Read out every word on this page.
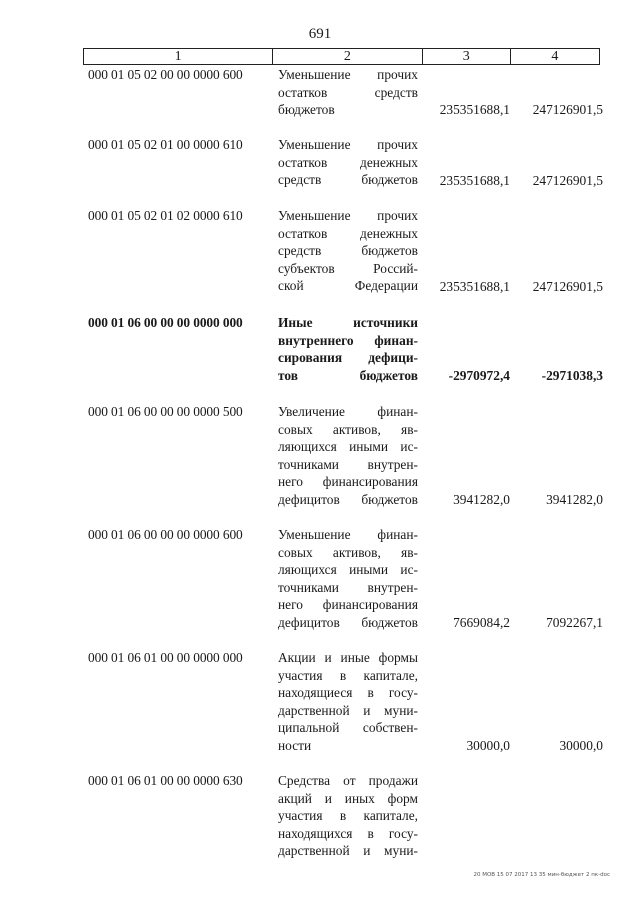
691
1	2	3	4
000 01 05 02 00 00 0000 600	Уменьшение прочих
остатков средств
бюджетов	235351688,1	247126901,5
000 01 05 02 01 00 0000 610	Уменьшение прочих
остатков денежных
средств бюджетов	235351688,1	247126901,5
000 01 05 02 01 02 0000 610	Уменьшение прочих
остатков денежных
средств бюджетов
субъектов Россий-
ской Федерации	235351688,1	247126901,5
000 01 06 00 00 00 0000 000	Иные источники
внутреннего финан-
сирования дефици-
тов бюджетов	-2970972,4	-2971038,3
000 01 06 00 00 00 0000 500	Увеличение финан-
совых активов, яв-
ляющихся иными ис-
точниками внутрен-
него финансирования
дефицитов бюджетов	3941282,0	3941282,0
000 01 06 00 00 00 0000 600	Уменьшение финан-
совых активов, яв-
ляющихся иными ис-
точниками внутрен-
него финансирования
дефицитов бюджетов	7669084,2	7092267,1
000 01 06 01 00 00 0000 000	Акции и иные формы
участия в капитале,
находящиеся в госу-
дарственной и муни-
ципальной собствен-
ности	30000,0	30000,0
000 01 06 01 00 00 0000 630	Средства от продажи
акций и иных форм
участия в капитале,
находящихся в госу-
дарственной и муни-
20 МОВ 15 07 2017 13 35 мин-бюджет 2 пк-doc
